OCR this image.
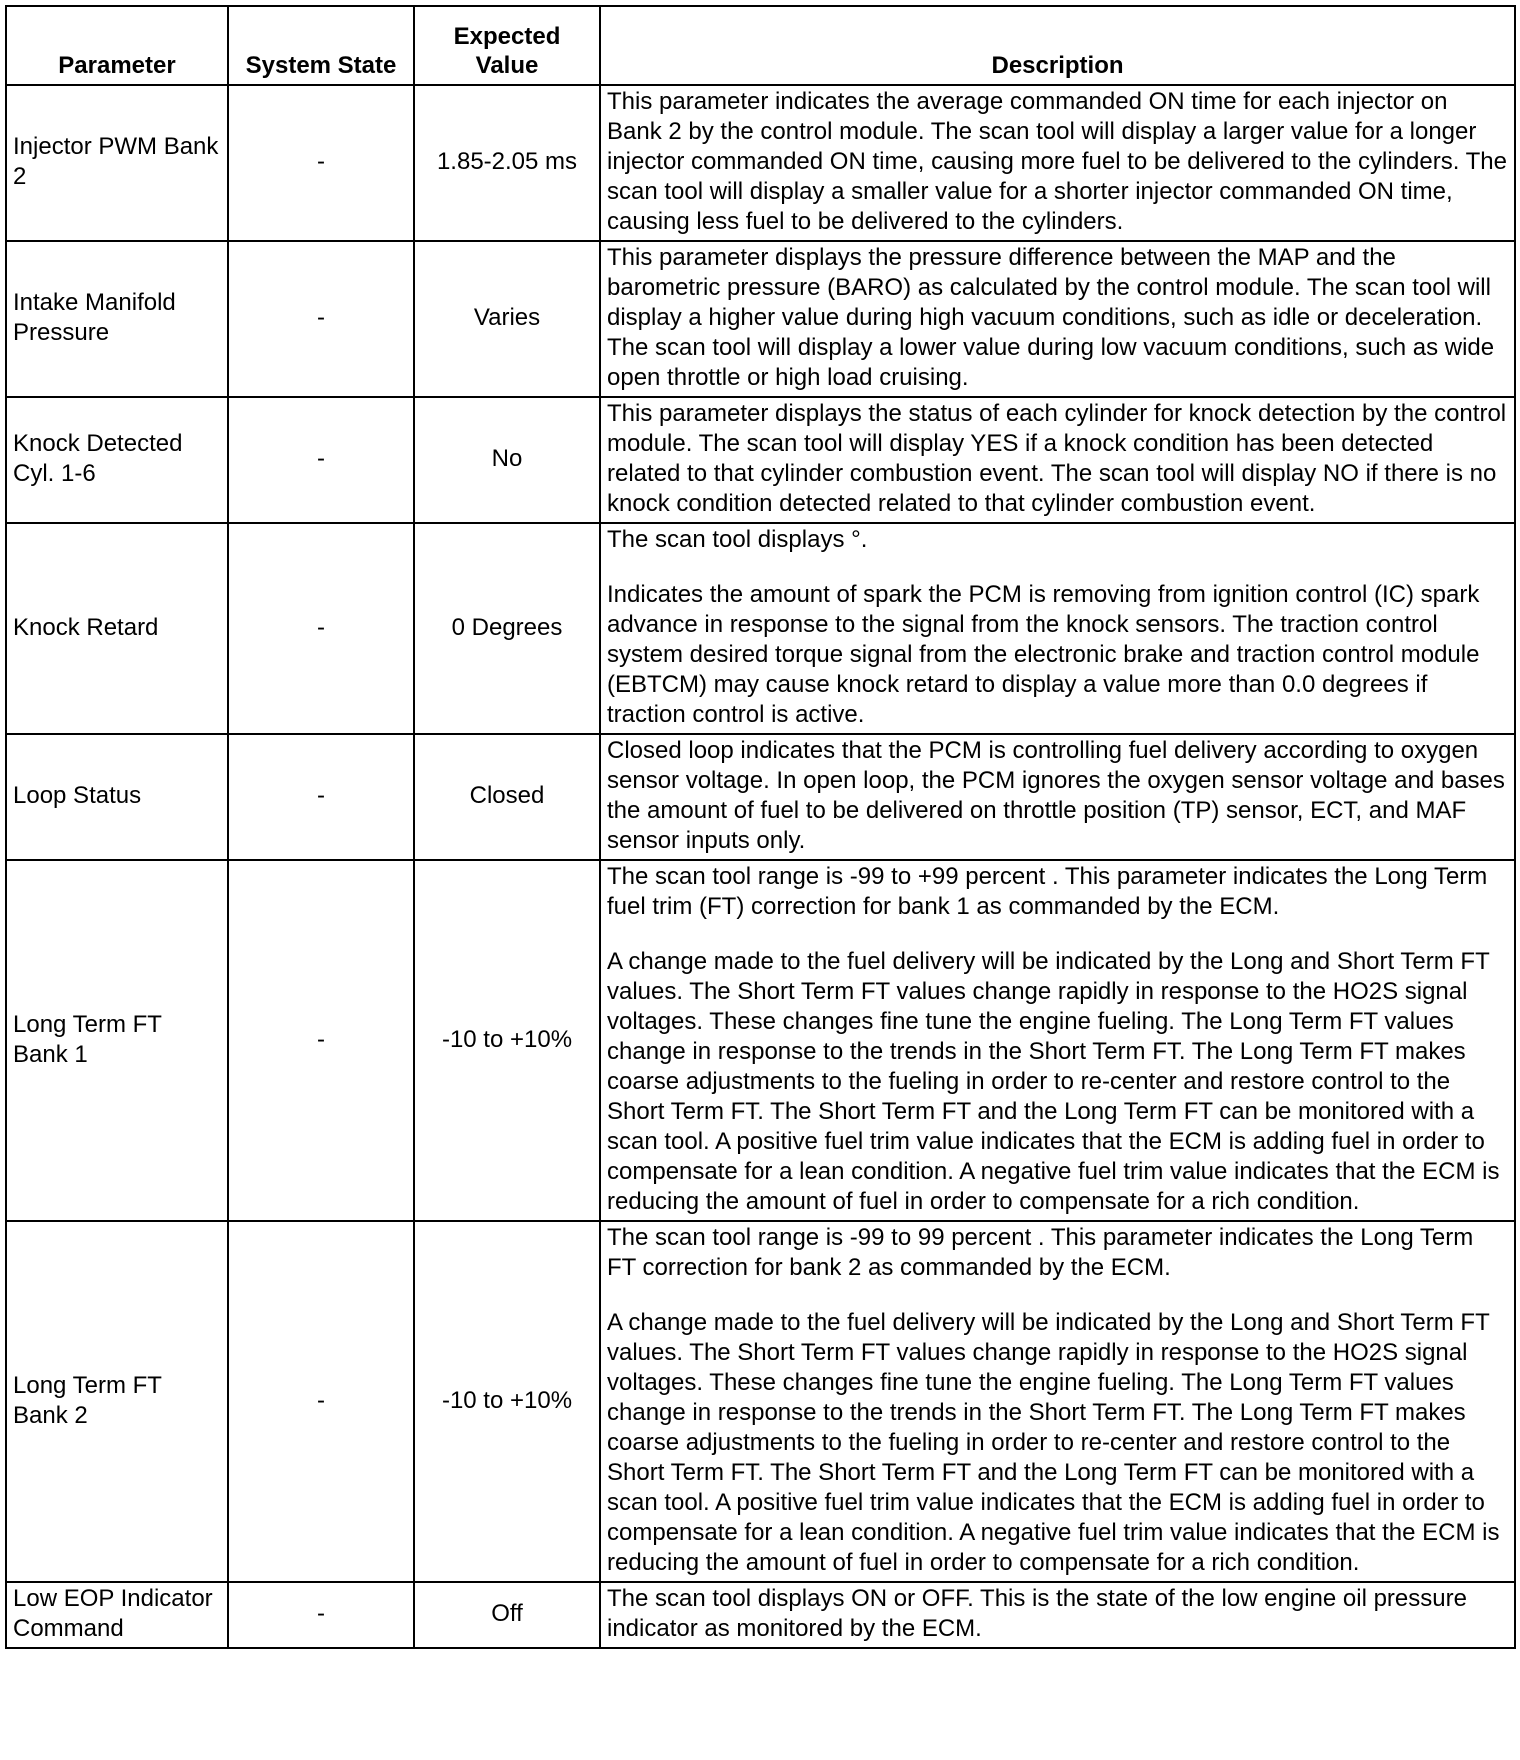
Parameter	System State	Expected Value	Description
Injector PWM Bank 2	-	1.85-2.05 ms	This parameter indicates the average commanded ON time for each injector on Bank 2 by the control module. The scan tool will display a larger value for a longer injector commanded ON time, causing more fuel to be delivered to the cylinders. The scan tool will display a smaller value for a shorter injector commanded ON time, causing less fuel to be delivered to the cylinders.

Intake Manifold Pressure	-	Varies	This parameter displays the pressure difference between the MAP and the barometric pressure (BARO) as calculated by the control module. The scan tool will display a higher value during high vacuum conditions, such as idle or deceleration. The scan tool will display a lower value during low vacuum conditions, such as wide open throttle or high load cruising.

Knock Detected Cyl. 1-6	-	No	This parameter displays the status of each cylinder for knock detection by the control module. The scan tool will display YES if a knock condition has been detected related to that cylinder combustion event. The scan tool will display NO if there is no knock condition detected related to that cylinder combustion event.

Knock Retard	-	0 Degrees	The scan tool displays °.

Indicates the amount of spark the PCM is removing from ignition control (IC) spark advance in response to the signal from the knock sensors. The traction control system desired torque signal from the electronic brake and traction control module (EBTCM) may cause knock retard to display a value more than 0.0 degrees if traction control is active.

Loop Status	-	Closed	Closed loop indicates that the PCM is controlling fuel delivery according to oxygen sensor voltage. In open loop, the PCM ignores the oxygen sensor voltage and bases the amount of fuel to be delivered on throttle position (TP) sensor, ECT, and MAF sensor inputs only.

Long Term FT Bank 1	-	-10 to +10%	The scan tool range is -99 to +99 percent . This parameter indicates the Long Term fuel trim (FT) correction for bank 1 as commanded by the ECM.

A change made to the fuel delivery will be indicated by the Long and Short Term FT values. The Short Term FT values change rapidly in response to the HO2S signal voltages. These changes fine tune the engine fueling. The Long Term FT values change in response to the trends in the Short Term FT. The Long Term FT makes coarse adjustments to the fueling in order to re-center and restore control to the Short Term FT. The Short Term FT and the Long Term FT can be monitored with a scan tool. A positive fuel trim value indicates that the ECM is adding fuel in order to compensate for a lean condition. A negative fuel trim value indicates that the ECM is reducing the amount of fuel in order to compensate for a rich condition.

Long Term FT Bank 2	-	-10 to +10%	The scan tool range is -99 to 99 percent . This parameter indicates the Long Term FT correction for bank 2 as commanded by the ECM.

A change made to the fuel delivery will be indicated by the Long and Short Term FT values. The Short Term FT values change rapidly in response to the HO2S signal voltages. These changes fine tune the engine fueling. The Long Term FT values change in response to the trends in the Short Term FT. The Long Term FT makes coarse adjustments to the fueling in order to re-center and restore control to the Short Term FT. The Short Term FT and the Long Term FT can be monitored with a scan tool. A positive fuel trim value indicates that the ECM is adding fuel in order to compensate for a lean condition. A negative fuel trim value indicates that the ECM is reducing the amount of fuel in order to compensate for a rich condition.

Low EOP Indicator Command	-	Off	The scan tool displays ON or OFF. This is the state of the low engine oil pressure indicator as monitored by the ECM.
